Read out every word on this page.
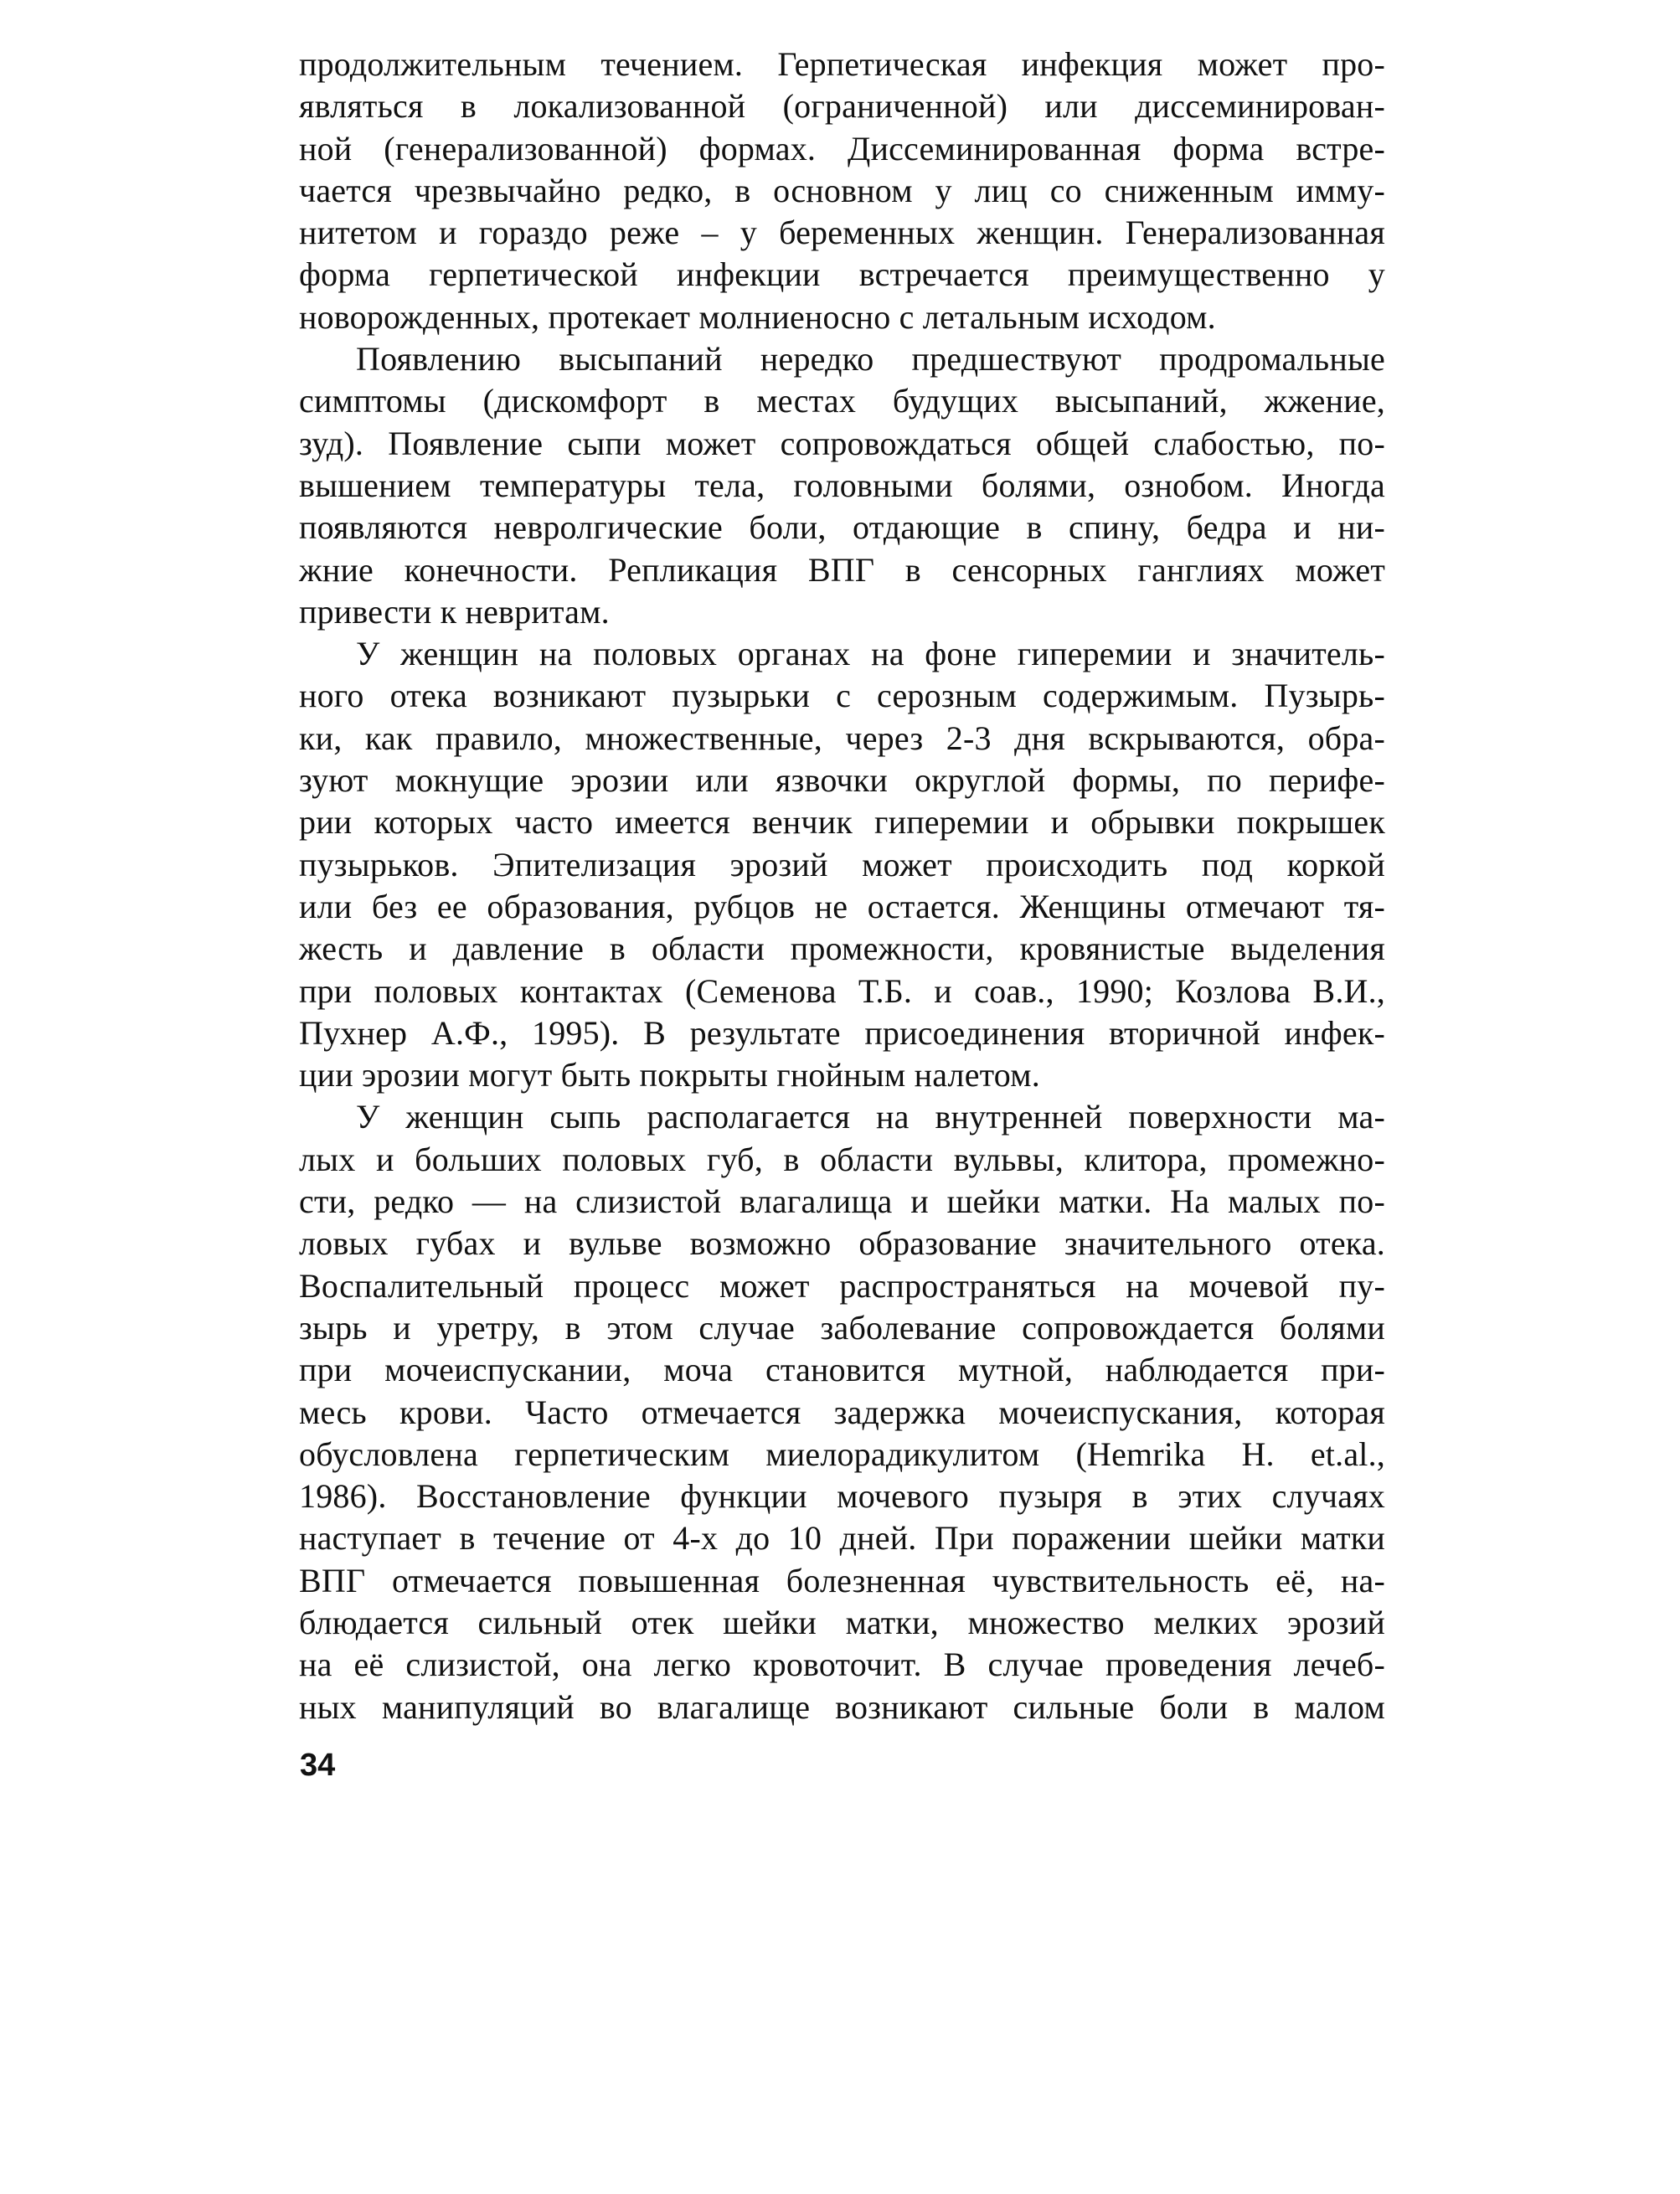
продолжительным течением. Герпетическая инфекция может про-
являться в локализованной (ограниченной) или диссеминирован-
ной (генерализованной) формах. Диссеминированная форма встре-
чается чрезвычайно редко, в основном у лиц со сниженным иммy-
нитетом и гораздо реже – у беременных женщин. Генерализованная
форма герпетической инфекции встречается преимущественно у
новорожденных, протекает молниеносно с летальным исходом.
Появлению высыпаний нередко предшествуют продромальные
симптомы (дискомфорт в местах будущих высыпаний, жжение,
зуд). Появление сыпи может сопровождаться общей слабостью, по-
вышением температуры тела, головными болями, ознобом. Иногда
появляются невролгические боли, отдающие в спину, бедра и ни-
жние конечности. Репликация ВПГ в сенсорных ганглиях может
привести к невритам.
У женщин на половых органах на фоне гиперемии и значитель-
ного отека возникают пузырьки с серозным содержимым. Пузырь-
ки, как правило, множественные, через 2-3 дня вскрываются, обра-
зуют мокнущие эрозии или язвочки округлой формы, по перифе-
рии которых часто имеется венчик гиперемии и обрывки покрышек
пузырьков. Эпителизация эрозий может происходить под коркой
или без ее образования, рубцов не остается. Женщины отмечают тя-
жесть и давление в области промежности, кровянистые выделения
при половых контактах (Семенова Т.Б. и соав., 1990; Козлова В.И.,
Пухнер А.Ф., 1995). В результате присоединения вторичной инфек-
ции эрозии могут быть покрыты гнойным налетом.
У женщин сыпь располагается на внутренней поверхности ма-
лых и больших половых губ, в области вульвы, клитора, промежно-
сти, редко — на слизистой влагалища и шейки матки. На малых по-
ловых губах и вульве возможно образование значительного отека.
Воспалительный процесс может распространяться на мочевой пу-
зырь и уретру, в этом случае заболевание сопровождается болями
при мочеиспускании, моча становится мутной, наблюдается при-
месь крови. Часто отмечается задержка мочеиспускания, которая
обусловлена герпетическим миелорадикулитом (Hemrika H. et.al.,
1986). Восстановление функции мочевого пузыря в этих случаях
наступает в течение от 4-х до 10 дней. При поражении шейки матки
ВПГ отмечается повышенная болезненная чувствительность её, на-
блюдается сильный отек шейки матки, множество мелких эрозий
на её слизистой, она легко кровоточит. В случае проведения лечеб-
ных манипуляций во влагалище возникают сильные боли в малом
34
